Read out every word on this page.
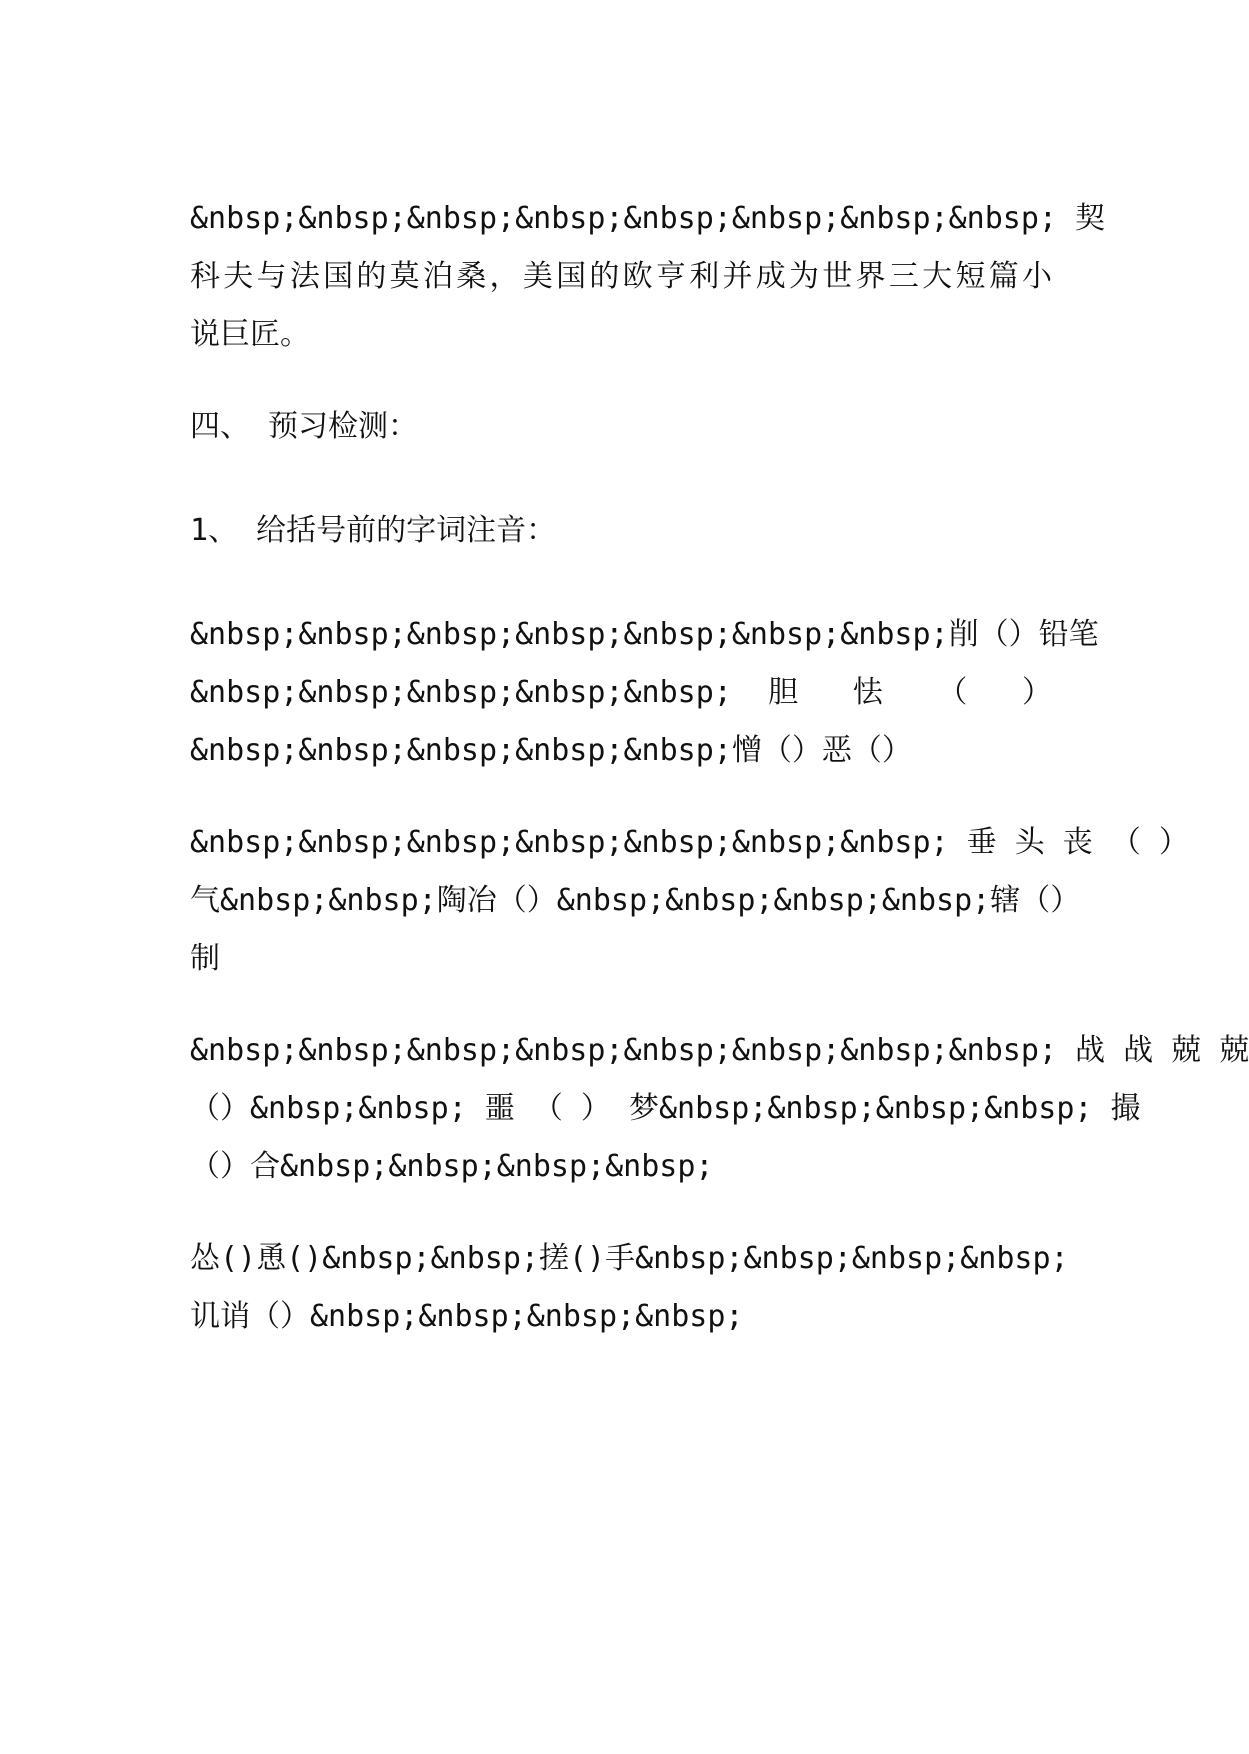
&nbsp;&nbsp;&nbsp;&nbsp;&nbsp;&nbsp;&nbsp;&nbsp; 契
科夫与法国的莫泊桑，美国的欧亨利并成为世界三大短篇小
说巨匠。
四、 预习检测：
1、 给括号前的字词注音：
&nbsp;&nbsp;&nbsp;&nbsp;&nbsp;&nbsp;&nbsp;削（）铅笔
&nbsp;&nbsp;&nbsp;&nbsp;&nbsp; 胆 怯 （ ）
&nbsp;&nbsp;&nbsp;&nbsp;&nbsp;憎（）恶（）
&nbsp;&nbsp;&nbsp;&nbsp;&nbsp;&nbsp;&nbsp; 垂 头 丧 （ ）
气&nbsp;&nbsp;陶冶（）&nbsp;&nbsp;&nbsp;&nbsp;辖（）
制
&nbsp;&nbsp;&nbsp;&nbsp;&nbsp;&nbsp;&nbsp;&nbsp; 战 战 兢 兢
（）&nbsp;&nbsp; 噩 （ ） 梦&nbsp;&nbsp;&nbsp;&nbsp; 撮
（）合&nbsp;&nbsp;&nbsp;&nbsp;
怂()恿()&nbsp;&nbsp;搓()手&nbsp;&nbsp;&nbsp;&nbsp;
讥诮（）&nbsp;&nbsp;&nbsp;&nbsp;
